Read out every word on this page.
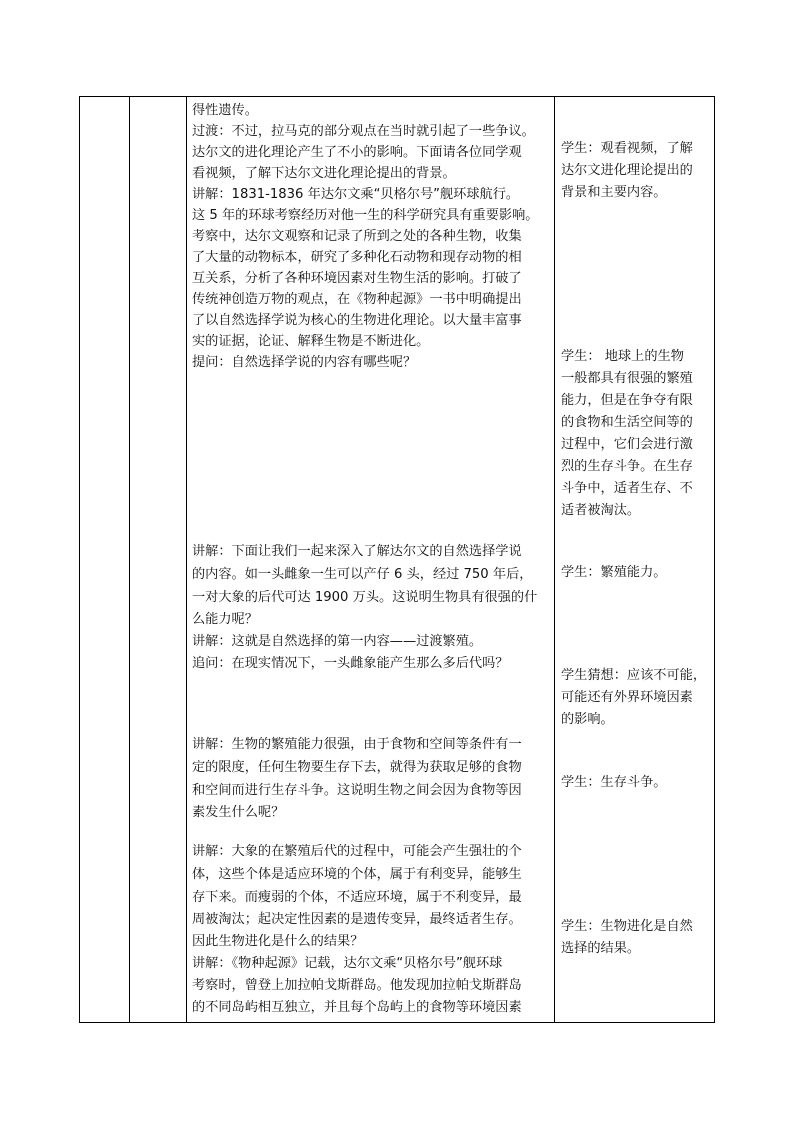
得性遗传。
过渡：不过，拉马克的部分观点在当时就引起了一些争议。
达尔文的进化理论产生了不小的影响。下面请各位同学观
看视频，了解下达尔文进化理论提出的背景。
讲解：1831-1836 年达尔文乘“贝格尔号”舰环球航行。
这 5 年的环球考察经历对他一生的科学研究具有重要影响。
考察中，达尔文观察和记录了所到之处的各种生物，收集
了大量的动物标本，研究了多种化石动物和现存动物的相
互关系，分析了各种环境因素对生物生活的影响。打破了
传统神创造万物的观点，在《物种起源》一书中明确提出
了以自然选择学说为核心的生物进化理论。以大量丰富事
实的证据，论证、解释生物是不断进化。
提问：自然选择学说的内容有哪些呢？
讲解：下面让我们一起来深入了解达尔文的自然选择学说
的内容。如一头雌象一生可以产仔 6 头，经过 750 年后，
一对大象的后代可达 1900 万头。这说明生物具有很强的什
么能力呢？
讲解：这就是自然选择的第一内容——过渡繁殖。
追问：在现实情况下，一头雌象能产生那么多后代吗？
讲解：生物的繁殖能力很强，由于食物和空间等条件有一
定的限度，任何生物要生存下去，就得为获取足够的食物
和空间而进行生存斗争。这说明生物之间会因为食物等因
素发生什么呢？
讲解：大象的在繁殖后代的过程中，可能会产生强壮的个
体，这些个体是适应环境的个体，属于有利变异，能够生
存下来。而瘦弱的个体，不适应环境，属于不利变异，最
周被淘汰；起决定性因素的是遗传变异，最终适者生存。
因此生物进化是什么的结果？
讲解：《物种起源》记载，达尔文乘“贝格尔号”舰环球
考察时，曾登上加拉帕戈斯群岛。他发现加拉帕戈斯群岛
的不同岛屿相互独立，并且每个岛屿上的食物等环境因素
学生：观看视频，了解
达尔文进化理论提出的
背景和主要内容。
学生： 地球上的生物
一般都具有很强的繁殖
能力，但是在争夺有限
的食物和生活空间等的
过程中，它们会进行激
烈的生存斗争。在生存
斗争中，适者生存、不
适者被淘汰。
学生：繁殖能力。
学生猜想：应该不可能，
可能还有外界环境因素
的影响。
学生：生存斗争。
学生：生物进化是自然
选择的结果。
